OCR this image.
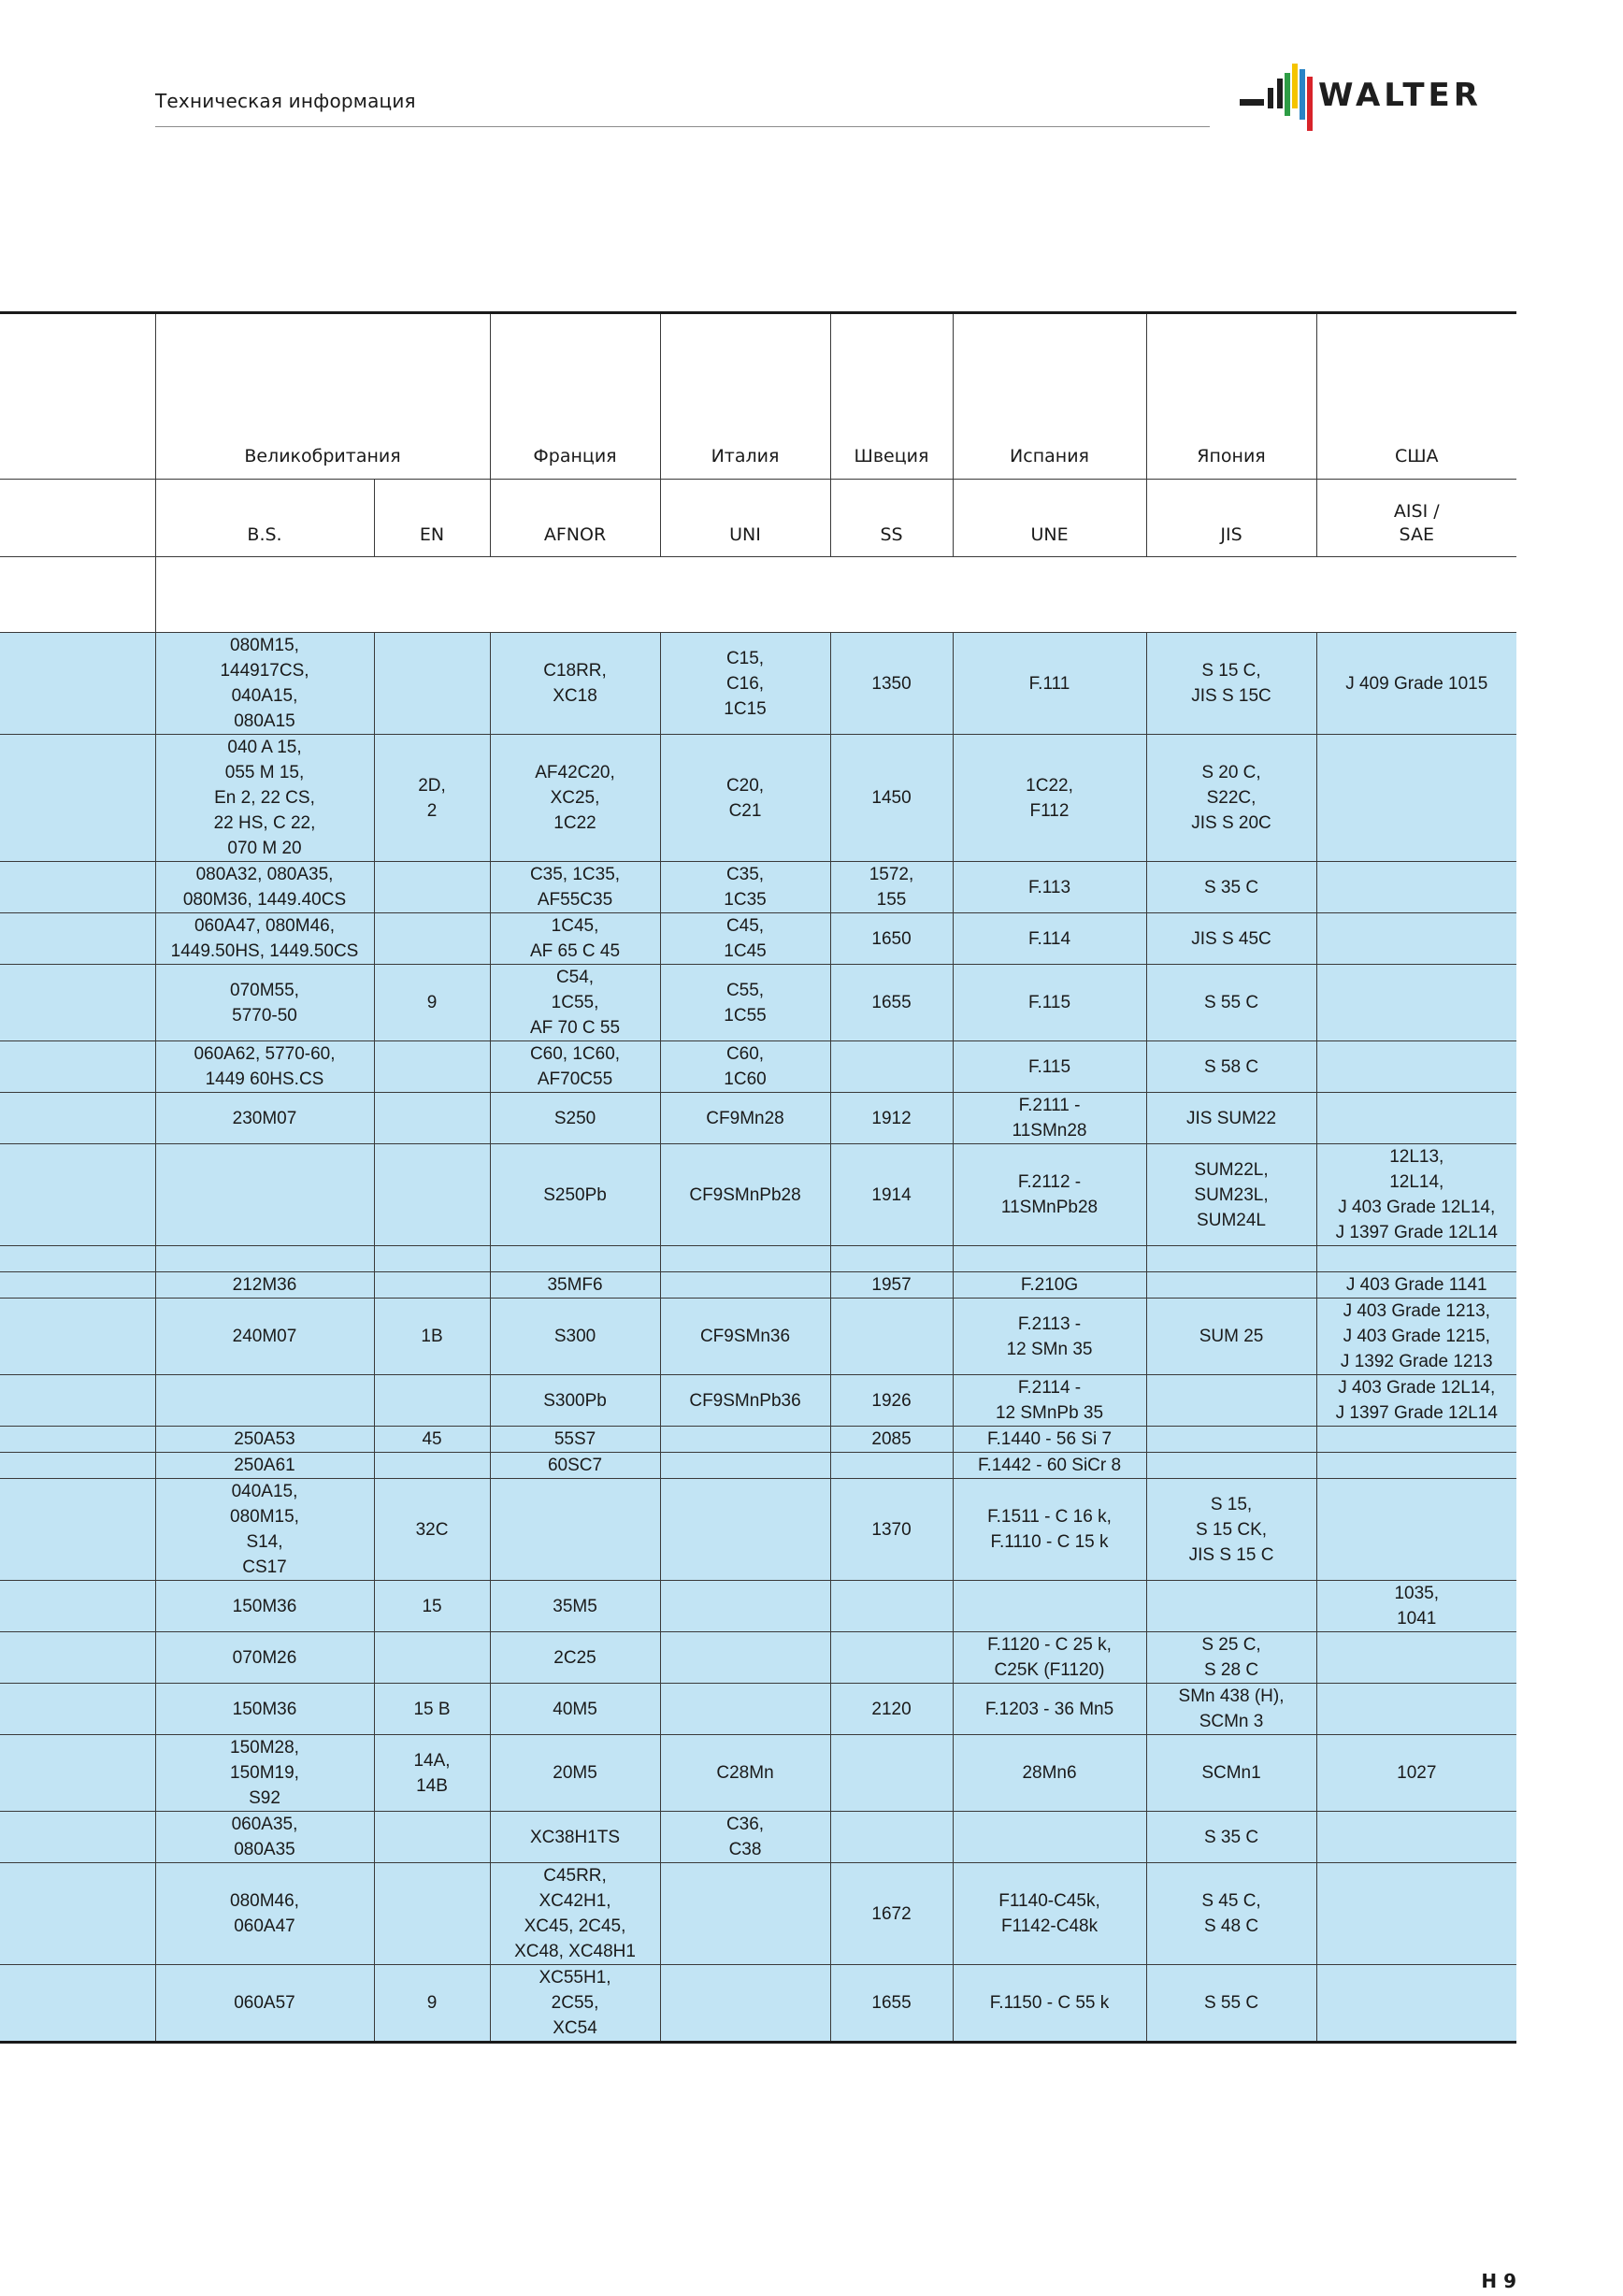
Техническая информация	WALTER
	Великобритания		Франция	Италия	Швеция	Испания	Япония	США
	B.S.	EN	AFNOR	UNI	SS	UNE	JIS	AISI /
SAE

	080M15,
144917CS,
040A15,
080A15		C18RR,
XC18	C15,
C16,
1C15	1350	F.111	S 15 C,
JIS S 15C	J 409 Grade 1015
	040 A 15,
055 M 15,
En 2, 22 CS,
22 HS, C 22,
070 M 20	2D,
2	AF42C20,
XC25,
1C22	C20,
C21	1450	1C22,
F112	S 20 C,
S22C,
JIS S 20C	
	080A32, 080A35,
080M36, 1449.40CS		C35, 1C35,
AF55C35	C35,
1C35	1572,
155	F.113	S 35 C	
	060A47, 080M46,
1449.50HS, 1449.50CS		1C45,
AF 65 C 45	C45,
1C45	1650	F.114	JIS S 45C	
	070M55,
5770-50	9	C54,
1C55,
AF 70 C 55	C55,
1C55	1655	F.115	S 55 C	
	060A62, 5770-60,
1449 60HS.CS		C60, 1C60,
AF70C55	C60,
1C60		F.115	S 58 C	
	230M07		S250	CF9Mn28	1912	F.2111 -
11SMn28	JIS SUM22	
			S250Pb	CF9SMnPb28	1914	F.2112 -
11SMnPb28	SUM22L,
SUM23L,
SUM24L	12L13,
12L14,
J 403 Grade 12L14,
J 1397 Grade 12L14

	212M36		35MF6		1957	F.210G		J 403 Grade 1141
	240M07	1B	S300	CF9SMn36		F.2113 -
12 SMn 35	SUM 25	J 403 Grade 1213,
J 403 Grade 1215,
J 1392 Grade 1213
			S300Pb	CF9SMnPb36	1926	F.2114 -
12 SMnPb 35		J 403 Grade 12L14,
J 1397 Grade 12L14
	250A53	45	55S7		2085	F.1440 - 56 Si 7		
	250A61		60SC7			F.1442 - 60 SiCr 8		
	040A15,
080M15,
S14,
CS17	32C			1370	F.1511 - C 16 k,
F.1110 - C 15 k	S 15,
S 15 CK,
JIS S 15 C	
	150M36	15	35M5					1035,
1041
	070M26		2C25			F.1120 - C 25 k,
C25K (F1120)	S 25 C,
S 28 C	
	150M36	15 B	40M5		2120	F.1203 - 36 Mn5	SMn 438 (H),
SCMn 3	
	150M28,
150M19,
S92	14A,
14B	20M5	C28Mn		28Mn6	SCMn1	1027
	060A35,
080A35		XC38H1TS	C36,
C38			S 35 C	
	080M46,
060A47		C45RR,
XC42H1,
XC45, 2C45,
XC48, XC48H1		1672	F1140-C45k,
F1142-C48k	S 45 C,
S 48 C	
	060A57	9	XC55H1,
2C55,
XC54		1655	F.1150 - C 55 k	S 55 C	
H 9
